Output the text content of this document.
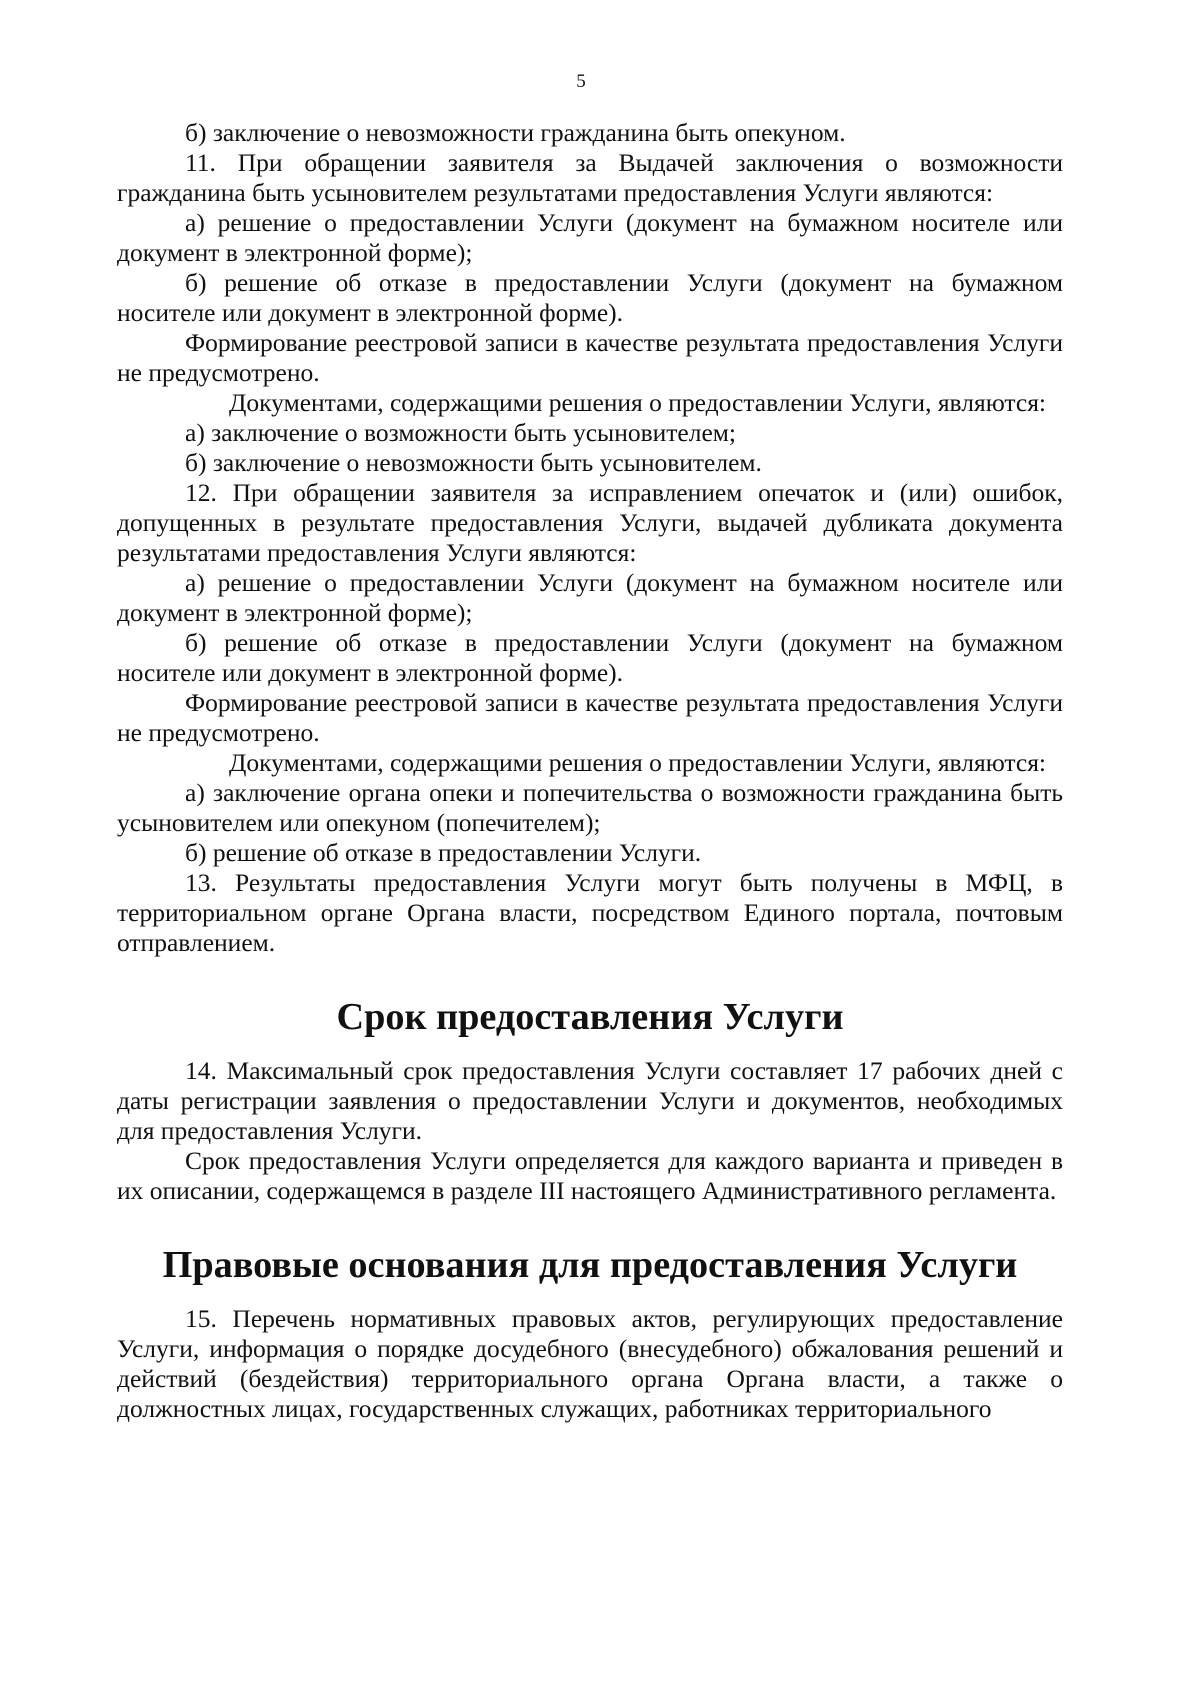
5

б) заключение о невозможности гражданина быть опекуном.

11. При обращении заявителя за Выдачей заключения о возможности гражданина быть усыновителем результатами предоставления Услуги являются:

а) решение о предоставлении Услуги (документ на бумажном носителе или документ в электронной форме);

б) решение об отказе в предоставлении Услуги (документ на бумажном носителе или документ в электронной форме).

Формирование реестровой записи в качестве результата предоставления Услуги не предусмотрено.

Документами, содержащими решения о предоставлении Услуги, являются:

а) заключение о возможности быть усыновителем;

б) заключение о невозможности быть усыновителем.

12. При обращении заявителя за исправлением опечаток и (или) ошибок, допущенных в результате предоставления Услуги, выдачей дубликата документа результатами предоставления Услуги являются:

а) решение о предоставлении Услуги (документ на бумажном носителе или документ в электронной форме);

б) решение об отказе в предоставлении Услуги (документ на бумажном носителе или документ в электронной форме).

Формирование реестровой записи в качестве результата предоставления Услуги не предусмотрено.

Документами, содержащими решения о предоставлении Услуги, являются:

а) заключение органа опеки и попечительства о возможности гражданина быть усыновителем или опекуном (попечителем);

б) решение об отказе в предоставлении Услуги.

13. Результаты предоставления Услуги могут быть получены в МФЦ, в территориальном органе Органа власти, посредством Единого портала, почтовым отправлением.

Срок предоставления Услуги

14. Максимальный срок предоставления Услуги составляет 17 рабочих дней с даты регистрации заявления о предоставлении Услуги и документов, необходимых для предоставления Услуги.

Срок предоставления Услуги определяется для каждого варианта и приведен в их описании, содержащемся в разделе III настоящего Административного регламента.

Правовые основания для предоставления Услуги

15. Перечень нормативных правовых актов, регулирующих предоставление Услуги, информация о порядке досудебного (внесудебного) обжалования решений и действий (бездействия) территориального органа Органа власти, а также о должностных лицах, государственных служащих, работниках территориального
